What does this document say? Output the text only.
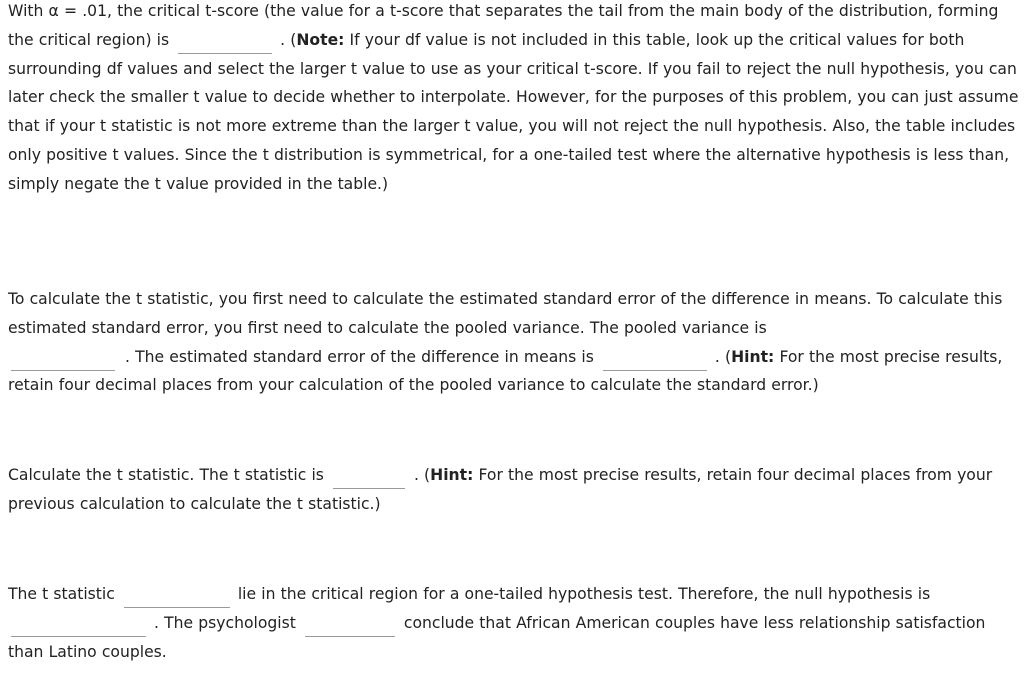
With α = .01, the critical t-score (the value for a t-score that separates the tail from the main body of the distribution, forming the critical region) is	. (Note: If your df value is not included in this table, look up the critical values for both surrounding df values and select the larger t value to use as your critical t-score. If you fail to reject the null hypothesis, you can later check the smaller t value to decide whether to interpolate. However, for the purposes of this problem, you can just assume that if your t statistic is not more extreme than the larger t value, you will not reject the null hypothesis. Also, the table includes only positive t values. Since the t distribution is symmetrical, for a one-tailed test where the alternative hypothesis is less than, simply negate the t value provided in the table.)

To calculate the t statistic, you first need to calculate the estimated standard error of the difference in means. To calculate this estimated standard error, you first need to calculate the pooled variance. The pooled variance is
. The estimated standard error of the difference in means is	. (Hint: For the most precise results, retain four decimal places from your calculation of the pooled variance to calculate the standard error.)

Calculate the t statistic. The t statistic is	. (Hint: For the most precise results, retain four decimal places from your previous calculation to calculate the t statistic.)

The t statistic	lie in the critical region for a one-tailed hypothesis test. Therefore, the null hypothesis is
. The psychologist	conclude that African American couples have less relationship satisfaction than Latino couples.
